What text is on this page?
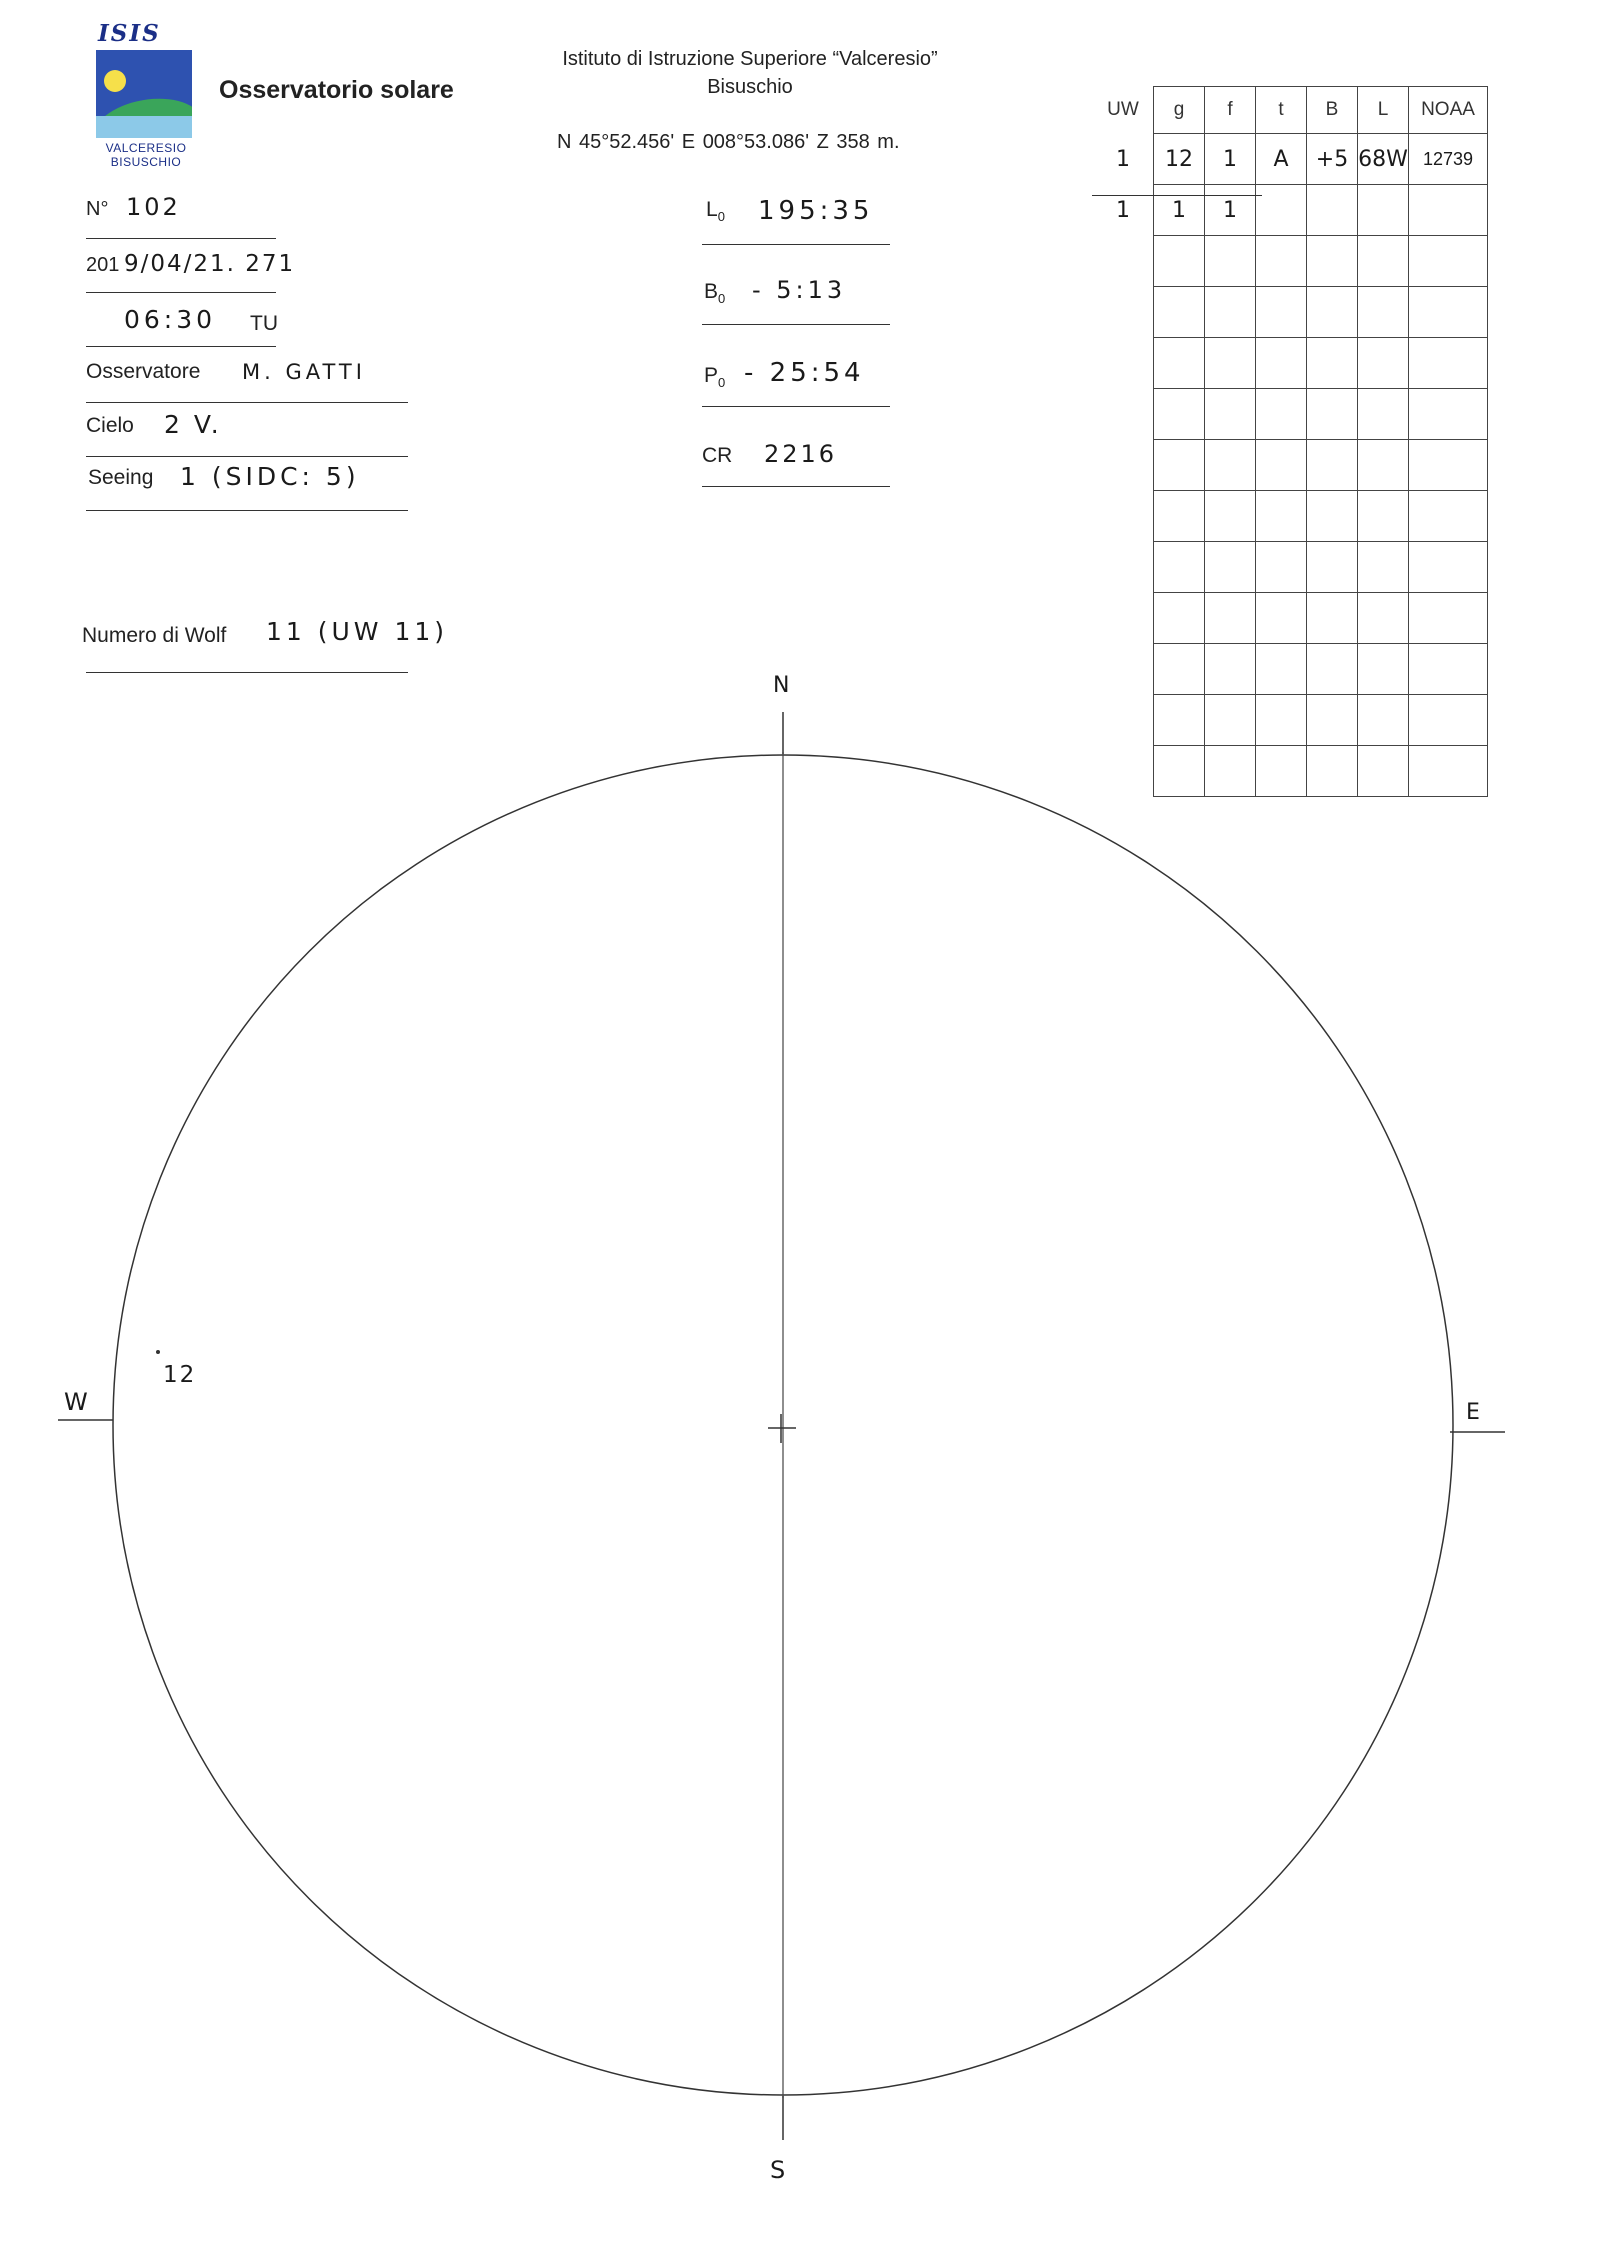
ISIS
VALCERESIO
BISUSCHIO
Osservatorio solare
Istituto di Istruzione Superiore “Valceresio”
Bisuschio
N 45°52.456' E 008°53.086' Z 358 m.
N° 102
201 9/04/21. 271
06:30 TU
Osservatore M. GATTI
Cielo 2 V.
Seeing 1 (SIDC: 5)
Numero di Wolf 11 (UW 11)
$L_0$ 195:35
$B_0$ - 5:13
$P_0$ - 25:54
CR 2216
UW	g	f	t	B	L	NOAA
1	12	1	A	+5	68W	12739
1	1	1				

N
S
W	E
12
